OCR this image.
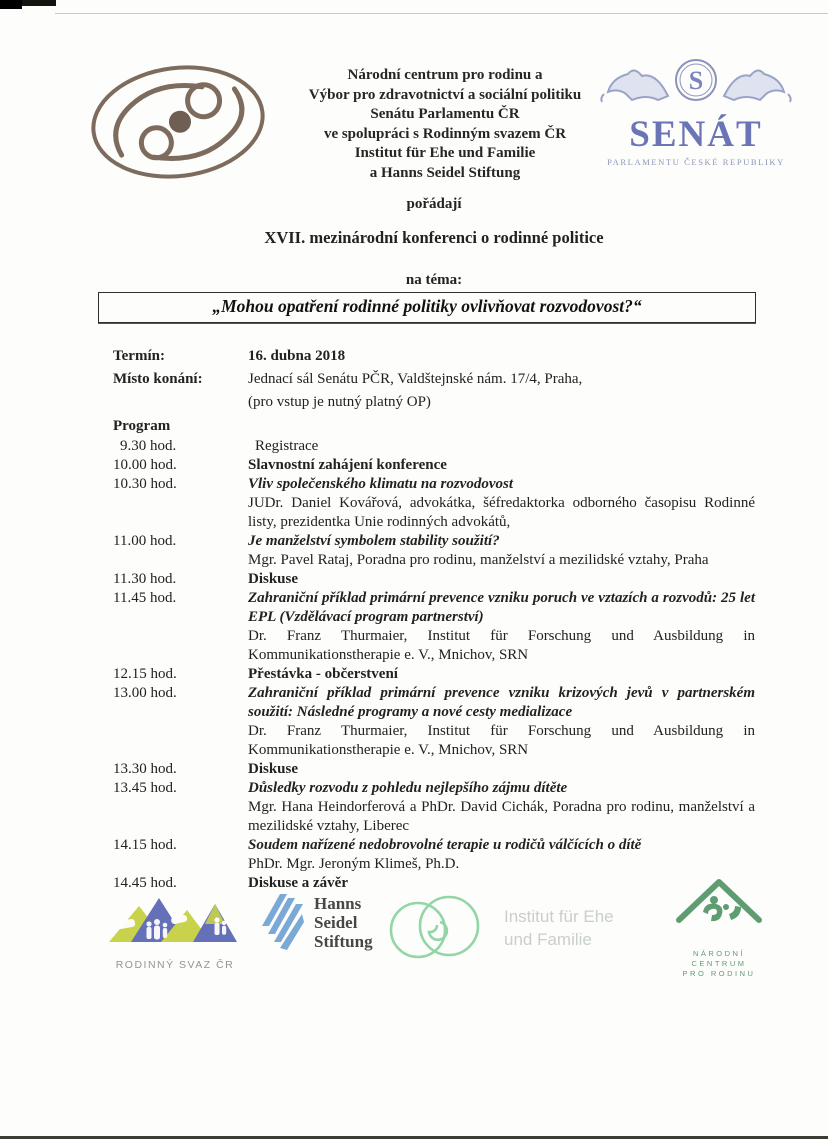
Národní centrum pro rodinu a
Výbor pro zdravotnictví a sociální politiku
Senátu Parlamentu ČR
ve spolupráci s Rodinným svazem ČR
Institut für Ehe und Familie
a Hanns Seidel Stiftung
S
SENÁT
PARLAMENTU ČESKÉ REPUBLIKY

pořádají

XVII. mezinárodní konferenci o rodinné politice

na téma:

„Mohou opatření rodinné politiky ovlivňovat rozvodovost?“
Termín:	16. dubna 2018
Místo konání:	Jednací sál Senátu PČR, Valdštejnské nám. 17/4, Praha,
(pro vstup je nutný platný OP)
Program
9.30 hod.	Registrace

10.00 hod.	Slavnostní zahájení konference

10.30 hod.	Vliv společenského klimatu na rozvodovost

JUDr. Daniel Kovářová, advokátka, šéfredaktorka odborného časopisu Rodinné listy, prezidentka Unie rodinných advokátů,

11.00 hod.	Je manželství symbolem stability soužití?

Mgr. Pavel Rataj, Poradna pro rodinu, manželství a mezilidské vztahy, Praha

11.30 hod.	Diskuse

11.45 hod.	Zahraniční příklad primární prevence vzniku poruch ve vztazích a rozvodů: 25 let EPL (Vzdělávací program partnerství)

Dr. Franz Thurmaier, Institut für Forschung und Ausbildung in Kommunikationstherapie e. V., Mnichov, SRN

12.15 hod.	Přestávka - občerstvení

13.00 hod.	Zahraniční příklad primární prevence vzniku krizových jevů v partnerském soužití: Následné programy a nové cesty medializace

Dr. Franz Thurmaier, Institut für Forschung und Ausbildung in Kommunikationstherapie e. V., Mnichov, SRN

13.30 hod.	Diskuse

13.45 hod.	Důsledky rozvodu z pohledu nejlepšího zájmu dítěte

Mgr. Hana Heindorferová a PhDr. David Cichák, Poradna pro rodinu, manželství a mezilidské vztahy, Liberec

14.15 hod.	Soudem nařízené nedobrovolné terapie u rodičů válčících o dítě

PhDr. Mgr. Jeroným Klimeš, Ph.D.

14.45 hod.	Diskuse a závěr

RODINNÝ SVAZ ČR
Hanns
Seidel
Stiftung
Institut für Ehe
und Familie
NÁRODNÍ
CENTRUM
PRO RODINU
